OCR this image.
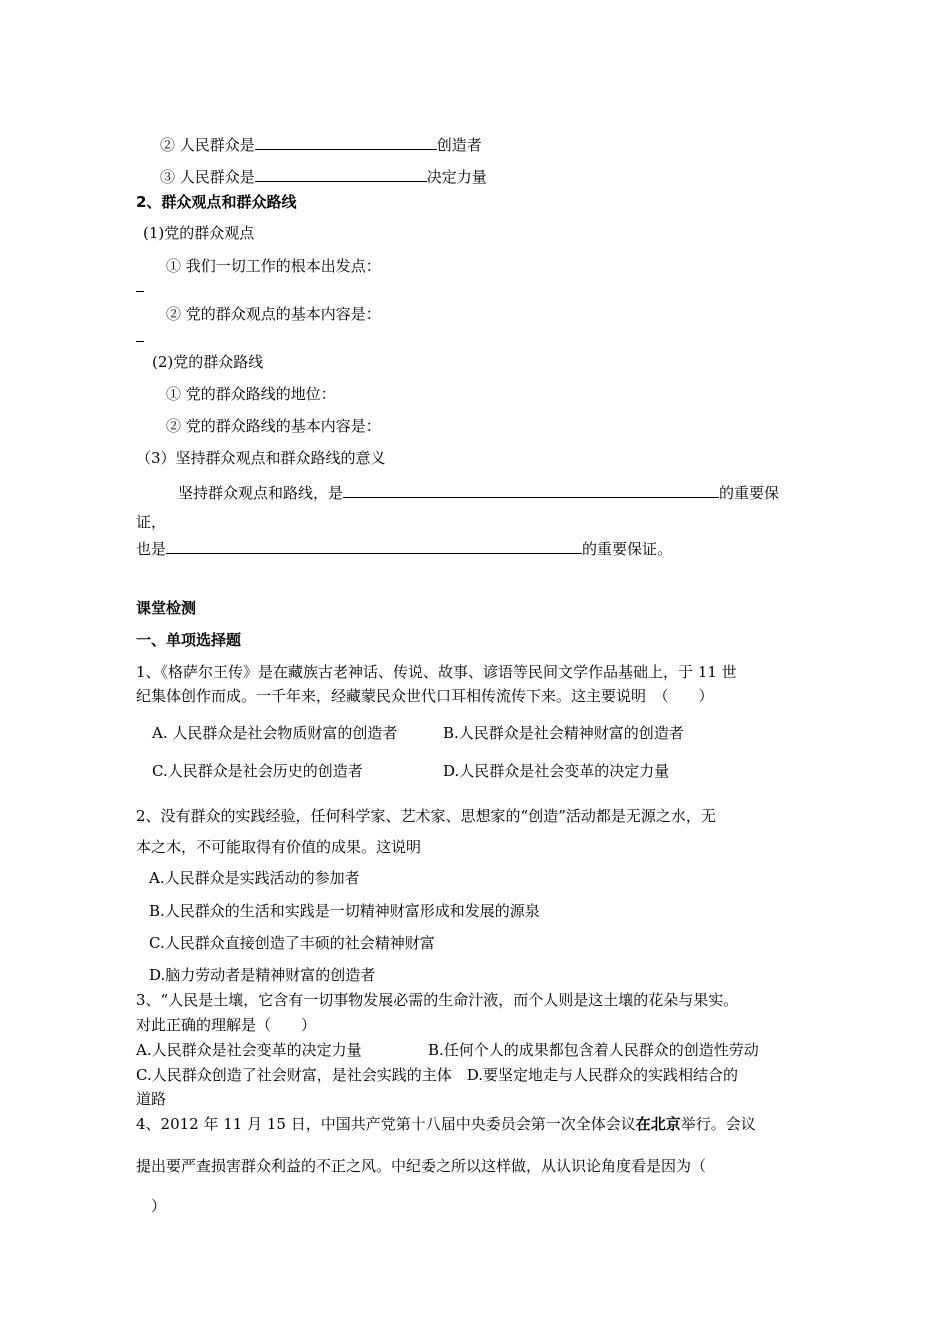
② 人民群众是	创造者
③ 人民群众是	决定力量
2、群众观点和群众路线
(1)党的群众观点
① 我们一切工作的根本出发点：
② 党的群众观点的基本内容是：
(2)党的群众路线
① 党的群众路线的地位：
② 党的群众路线的基本内容是：
（3）坚持群众观点和群众路线的意义
坚持群众观点和路线，是	的重要保
证，
也是	的重要保证。
课堂检测
一、单项选择题
1、《格萨尔王传》是在藏族古老神话、传说、故事、谚语等民间文学作品基础上，于 11 世
纪集体创作而成。一千年来，经藏蒙民众世代口耳相传流传下来。这主要说明　（　　）
A. 人民群众是社会物质财富的创造者	B.人民群众是社会精神财富的创造者
C.人民群众是社会历史的创造者	D.人民群众是社会变革的决定力量
2、没有群众的实践经验，任何科学家、艺术家、思想家的“创造”活动都是无源之水，无
本之木，不可能取得有价值的成果。这说明
A.人民群众是实践活动的参加者
B.人民群众的生活和实践是一切精神财富形成和发展的源泉
C.人民群众直接创造了丰硕的社会精神财富
D.脑力劳动者是精神财富的创造者
3、“人民是土壤，它含有一切事物发展必需的生命汁液，而个人则是这土壤的花朵与果实。
对此正确的理解是（　　）
A.人民群众是社会变革的决定力量	B.任何个人的成果都包含着人民群众的创造性劳动
C.人民群众创造了社会财富，是社会实践的主体　D.要坚定地走与人民群众的实践相结合的
道路
4、2012 年 11 月 15 日，中国共产党第十八届中央委员会第一次全体会议在北京举行。会议
提出要严查损害群众利益的不正之风。中纪委之所以这样做，从认识论角度看是因为（
　）
